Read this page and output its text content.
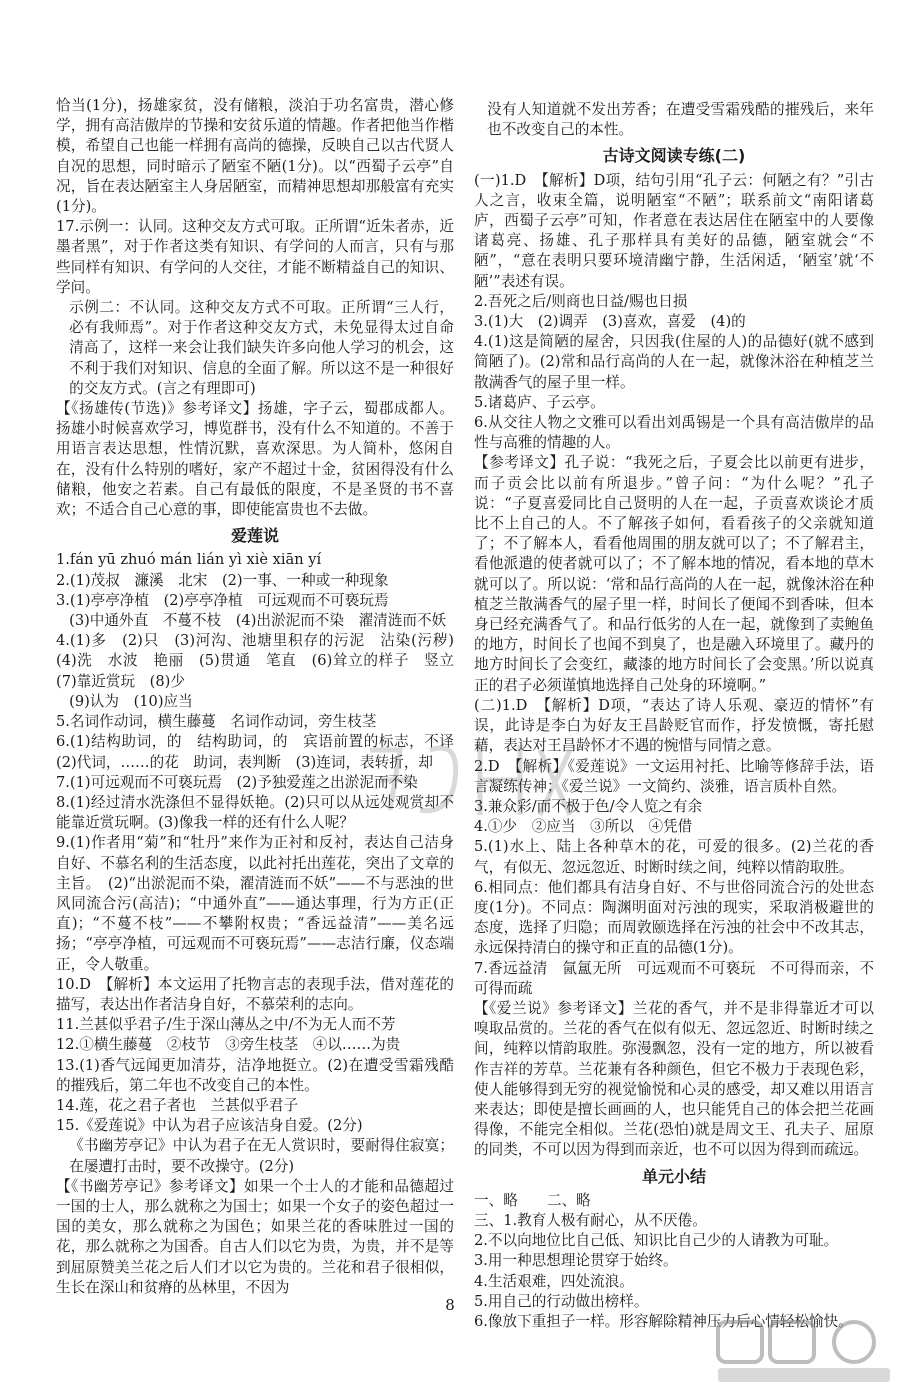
恰当(1分)，扬雄家贫，没有储粮，淡泊于功名富贵，潜心修学，拥有高洁傲岸的节操和安贫乐道的情趣。作者把他当作楷模，希望自己也能一样拥有高尚的德操，反映自己以古代贤人自况的思想，同时暗示了陋室不陋(1分)。以“西蜀子云亭”自况，旨在表达陋室主人身居陋室，而精神思想却那般富有充实(1分)。

17.示例一：认同。这种交友方式可取。正所谓“近朱者赤，近墨者黑”，对于作者这类有知识、有学问的人而言，只有与那些同样有知识、有学问的人交往，才能不断精益自己的知识、学问。

示例二：不认同。这种交友方式不可取。正所谓“三人行，必有我师焉”。对于作者这种交友方式，未免显得太过自命清高了，这样一来会让我们缺失许多向他人学习的机会，这不利于我们对知识、信息的全面了解。所以这不是一种很好的交友方式。(言之有理即可)

【《扬雄传(节选)》参考译文】扬雄，字子云，蜀郡成都人。扬雄小时候喜欢学习，博览群书，没有什么不知道的。不善于用语言表达思想，性情沉默，喜欢深思。为人简朴，悠闲自在，没有什么特别的嗜好，家产不超过十金，贫困得没有什么储粮，他安之若素。自己有最低的限度，不是圣贤的书不喜欢；不适合自己心意的事，即使能富贵也不去做。

爱莲说

1.fán yū zhuó mán lián yì xiè xiān yí

2.(1)茂叔　濂溪　北宋　(2)一事、一种或一种现象

3.(1)亭亭净植　(2)亭亭净植　可远观而不可亵玩焉

(3)中通外直　不蔓不枝　(4)出淤泥而不染　濯清涟而不妖

4.(1)多　(2)只　(3)河沟、池塘里积存的污泥　沾染(污秽)　(4)洗　水波　艳丽　(5)贯通　笔直　(6)耸立的样子　竖立　(7)靠近赏玩　(8)少

(9)认为　(10)应当

5.名词作动词，横生藤蔓　名词作动词，旁生枝茎

6.(1)结构助词，的　结构助词，的　宾语前置的标志，不译(2)代词，……的花　助词，表判断　(3)连词，表转折，却

7.(1)可远观而不可亵玩焉　(2)予独爱莲之出淤泥而不染

8.(1)经过清水洗涤但不显得妖艳。(2)只可以从远处观赏却不能靠近赏玩啊。(3)像我一样的还有什么人呢？

9.(1)作者用“菊”和“牡丹”来作为正衬和反衬，表达自己洁身自好、不慕名利的生活态度，以此衬托出莲花，突出了文章的主旨。　(2)“出淤泥而不染，濯清涟而不妖”——不与恶浊的世风同流合污(高洁)；“中通外直”——通达事理，行为方正(正直)；“不蔓不枝”——不攀附权贵；“香远益清”——美名远扬；“亭亭净植，可远观而不可亵玩焉”——志洁行廉，仪态端正，令人敬重。

10.D　【解析】本文运用了托物言志的表现手法，借对莲花的描写，表达出作者洁身自好，不慕荣利的志向。

11.兰甚似乎君子/生于深山薄丛之中/不为无人而不芳

12.①横生藤蔓　②枝节　③旁生枝茎　④以……为贵

13.(1)香气远闻更加清芬，洁净地挺立。(2)在遭受雪霜残酷的摧残后，第二年也不改变自己的本性。

14.莲，花之君子者也　兰甚似乎君子

15.《爱莲说》中认为君子应该洁身自爱。(2分)

《书幽芳亭记》中认为君子在无人赏识时，要耐得住寂寞；在屡遭打击时，要不改操守。(2分)

【《书幽芳亭记》参考译文】如果一个士人的才能和品德超过一国的士人，那么就称之为国士；如果一个女子的姿色超过一国的美女，那么就称之为国色；如果兰花的香味胜过一国的花，那么就称之为国香。自古人们以它为贵，为贵，并不是等到屈原赞美兰花之后人们才以它为贵的。兰花和君子很相似，生长在深山和贫瘠的丛林里，不因为

没有人知道就不发出芳香；在遭受雪霜残酷的摧残后，来年也不改变自己的本性。

古诗文阅读专练(二)

(一)1.D　【解析】D项，结句引用“孔子云：何陋之有？”引古人之言，收束全篇，说明陋室“不陋”；联系前文“南阳诸葛庐，西蜀子云亭”可知，作者意在表达居住在陋室中的人要像诸葛亮、扬雄、孔子那样具有美好的品德，陋室就会“不陋”，“意在表明只要环境清幽宁静，生活闲适，‘陋室’就‘不陋’”表述有误。

2.吾死之后/则商也日益/赐也日损

3.(1)大　(2)调弄　(3)喜欢，喜爱　(4)的

4.(1)这是简陋的屋舍，只因我(住屋的人)的品德好(就不感到简陋了)。(2)常和品行高尚的人在一起，就像沐浴在种植芝兰散满香气的屋子里一样。

5.诸葛庐、子云亭。

6.从交往人物之文雅可以看出刘禹锡是一个具有高洁傲岸的品性与高雅的情趣的人。

【参考译文】孔子说：“我死之后，子夏会比以前更有进步，而子贡会比以前有所退步。”曾子问：“为什么呢？”孔子说：“子夏喜爱同比自己贤明的人在一起，子贡喜欢谈论才质比不上自己的人。不了解孩子如何，看看孩子的父亲就知道了；不了解本人，看看他周围的朋友就可以了；不了解君主，看他派遣的使者就可以了；不了解本地的情况，看本地的草木就可以了。所以说：‘常和品行高尚的人在一起，就像沐浴在种植芝兰散满香气的屋子里一样，时间长了便闻不到香味，但本身已经充满香气了。和品行低劣的人在一起，就像到了卖鲍鱼的地方，时间长了也闻不到臭了，也是融入环境里了。藏丹的地方时间长了会变红，藏漆的地方时间长了会变黑。’所以说真正的君子必须谨慎地选择自己处身的环境啊。”

(二)1.D　【解析】D项，“表达了诗人乐观、豪迈的情怀”有误，此诗是李白为好友王昌龄贬官而作，抒发愤慨，寄托慰藉，表达对王昌龄怀才不遇的惋惜与同情之意。

2.D　【解析】《爱莲说》一文运用衬托、比喻等修辞手法，语言凝练传神；《爱兰说》一文简约、淡雅，语言质朴自然。

3.兼众彩/而不极于色/令人览之有余

4.①少　②应当　③所以　④凭借

5.(1)水上、陆上各种草木的花，可爱的很多。(2)兰花的香气，有似无、忽远忽近、时断时续之间，纯粹以情韵取胜。

6.相同点：他们都具有洁身自好、不与世俗同流合污的处世态度(1分)。不同点：陶渊明面对污浊的现实，采取消极避世的态度，选择了归隐；而周敦颐选择在污浊的社会中不改其志，永远保持清白的操守和正直的品德(1分)。

7.香远益清　氤氲无所　可远观而不可亵玩　不可得而亲，不可得而疏

【《爱兰说》参考译文】兰花的香气，并不是非得靠近才可以嗅取品赏的。兰花的香气在似有似无、忽远忽近、时断时续之间，纯粹以情韵取胜。弥漫飘忽，没有一定的地方，所以被看作吉祥的芳草。兰花兼有各种颜色，但它不极力于表现色彩，使人能够得到无穷的视觉愉悦和心灵的感受，却又难以用语言来表达；即使是擅长画画的人，也只能凭自己的体会把兰花画得像，不能完全相似。兰花(恐怕)就是周文王、孔夫子、屈原的同类，不可以因为得到而亲近，也不可以因为得到而疏远。

单元小结

一、略　　二、略

三、1.教育人极有耐心，从不厌倦。

2.不以向地位比自己低、知识比自己少的人请教为可耻。

3.用一种思想理论贯穿于始终。

4.生活艰难，四处流浪。

5.用自己的行动做出榜样。

6.像放下重担子一样。形容解除精神压力后心情轻松愉快。

8
